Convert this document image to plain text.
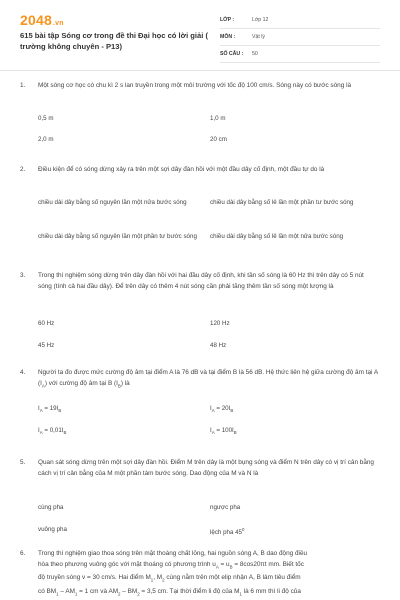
2048.vn
615 bài tập Sóng cơ trong đề thi Đại học có lời giải ( trường không chuyên - P13)
LỚP :	Lớp 12
MÔN :	Vật lý
SỐ CÂU :	50
1.	Một sóng cơ học có chu kì 2 s lan truyền trong một môi trường với tốc độ 100 cm/s. Sóng này có bước sóng là
0,5 m	1,0 m
2,0 m	20 cm
2.	Điều kiện để có sóng dừng xảy ra trên một sợi dây đàn hồi với một đầu dây cố định, một đầu tự do là
chiều dài dây bằng số nguyên lần một nửa bước sóng	chiều dài dây bằng số lẻ lần một phần tư bước sóng
chiều dài dây bằng số nguyên lần một phần tư bước sóng	chiều dài dây bằng số lẻ lần một nửa bước sóng
3.	Trong thí nghiệm sóng dừng trên dây đàn hồi với hai đầu dây cố định, khi tần số sóng là 60 Hz thì trên dây có 5 nút sóng (tính cả hai đầu dây). Để trên dây có thêm 4 nút sóng cần phải tăng thêm tần số sóng một lượng là
60 Hz	120 Hz
45 Hz	48 Hz
4.	Người ta đo được mức cường độ âm tại điểm A là 76 dB và tại điểm B là 56 dB. Hệ thức liên hệ giữa cường độ âm tại A $(I_A)$ với cường độ âm tại B $(I_B)$ là
$I_A = 19I_B$	$I_A = 20I_B$
$I_A = 0,01I_B$	$I_A = 100I_B$
5.	Quan sát sóng dừng trên một sợi dây đàn hồi. Điểm M trên dây là một bụng sóng và điểm N trên dây có vị trí cân bằng cách vị trí cân bằng của M một phần tám bước sóng. Dao động của M và N là
cùng pha	ngược pha
vuông pha	lệch pha $45^0$
6.	Trong thí nghiệm giao thoa sóng trên mặt thoáng chất lỏng, hai nguồn sóng A, B dao động điều
hòa theo phương vuông góc với mặt thoáng có phương trình $u_A = u_B = 8\cos 20\pi t$ mm. Biết tốc
độ truyền sóng v = 30 cm/s. Hai điểm $M_1$, $M_2$ cùng nằm trên một elip nhận A, B làm tiêu điểm
có $BM_1 - AM_1 = 1$ cm và $AM_2 - BM_2 = 3,5$ cm. Tại thời điểm li độ của $M_1$ là 6 mm thì li độ của
